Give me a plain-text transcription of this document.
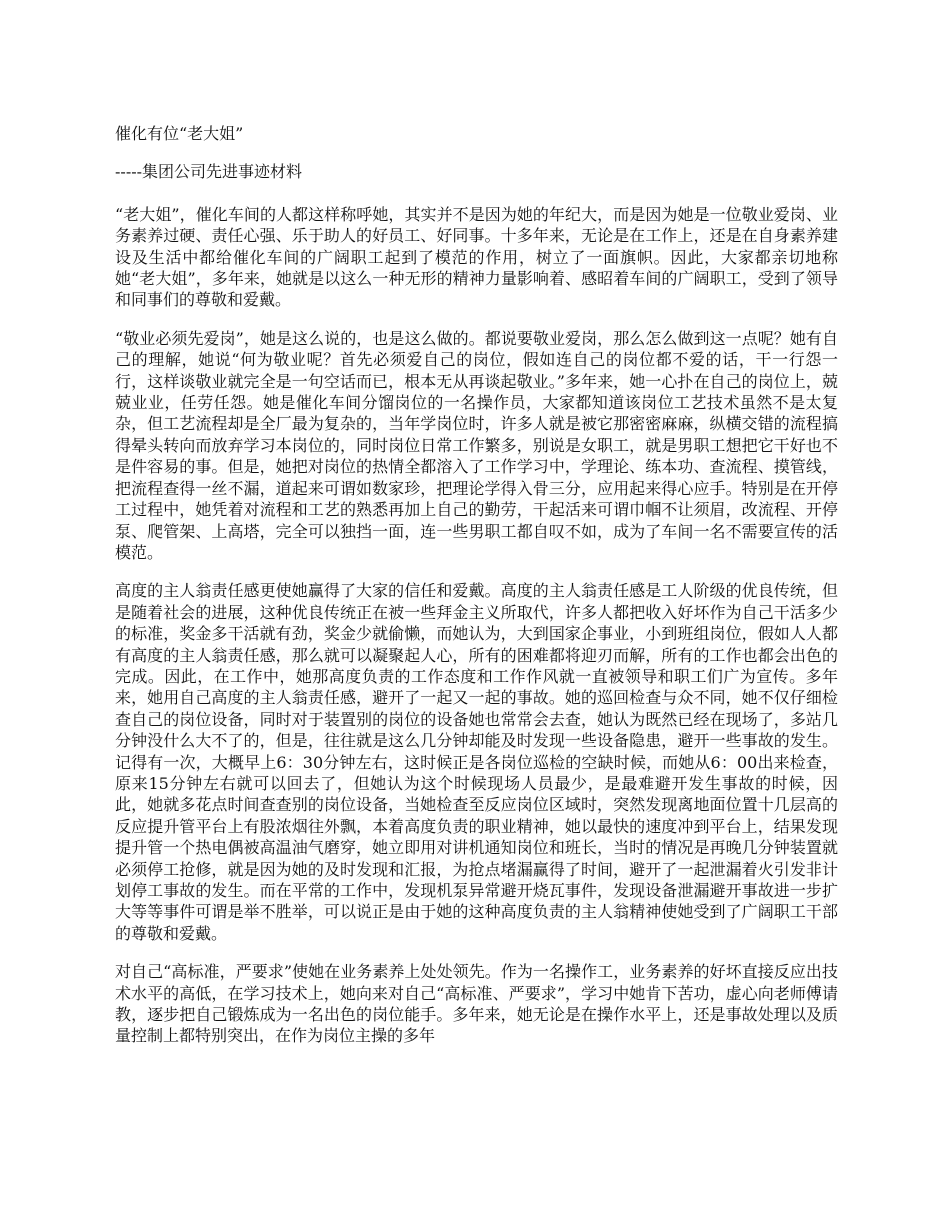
催化有位“老大姐”
-----集团公司先进事迹材料

“老大姐”，催化车间的人都这样称呼她，其实并不是因为她的年纪大，而是因为她是一位敬业爱岗、业务素养过硬、责任心强、乐于助人的好员工、好同事。十多年来，无论是在工作上，还是在自身素养建设及生活中都给催化车间的广阔职工起到了模范的作用，树立了一面旗帜。因此，大家都亲切地称她“老大姐”，多年来，她就是以这么一种无形的精神力量影响着、感昭着车间的广阔职工，受到了领导和同事们的尊敬和爱戴。

“敬业必须先爱岗”，她是这么说的，也是这么做的。都说要敬业爱岗，那么怎么做到这一点呢？她有自己的理解，她说“何为敬业呢？首先必须爱自己的岗位，假如连自己的岗位都不爱的话，干一行怨一行，这样谈敬业就完全是一句空话而已，根本无从再谈起敬业。”多年来，她一心扑在自己的岗位上，兢兢业业，任劳任怨。她是催化车间分馏岗位的一名操作员，大家都知道该岗位工艺技术虽然不是太复杂，但工艺流程却是全厂最为复杂的，当年学岗位时，许多人就是被它那密密麻麻，纵横交错的流程搞得晕头转向而放弃学习本岗位的，同时岗位日常工作繁多，别说是女职工，就是男职工想把它干好也不是件容易的事。但是，她把对岗位的热情全都溶入了工作学习中，学理论、练本功、查流程、摸管线，把流程查得一丝不漏，道起来可谓如数家珍，把理论学得入骨三分，应用起来得心应手。特别是在开停工过程中，她凭着对流程和工艺的熟悉再加上自己的勤劳，干起活来可谓巾帼不让须眉，改流程、开停泵、爬管架、上高塔，完全可以独挡一面，连一些男职工都自叹不如，成为了车间一名不需要宣传的活模范。

高度的主人翁责任感更使她赢得了大家的信任和爱戴。高度的主人翁责任感是工人阶级的优良传统，但是随着社会的进展，这种优良传统正在被一些拜金主义所取代，许多人都把收入好坏作为自己干活多少的标准，奖金多干活就有劲，奖金少就偷懒，而她认为，大到国家企事业，小到班组岗位，假如人人都有高度的主人翁责任感，那么就可以凝聚起人心，所有的困难都将迎刃而解，所有的工作也都会出色的完成。因此，在工作中，她那高度负责的工作态度和工作作风就一直被领导和职工们广为宣传。多年来，她用自己高度的主人翁责任感，避开了一起又一起的事故。她的巡回检查与众不同，她不仅仔细检查自己的岗位设备，同时对于装置别的岗位的设备她也常常会去查，她认为既然已经在现场了，多站几分钟没什么大不了的，但是，往往就是这么几分钟却能及时发现一些设备隐患，避开一些事故的发生。记得有一次，大概早上6：30分钟左右，这时候正是各岗位巡检的空缺时候，而她从6：00出来检查，原来15分钟左右就可以回去了，但她认为这个时候现场人员最少，是最难避开发生事故的时候，因此，她就多花点时间查查别的岗位设备，当她检查至反应岗位区域时，突然发现离地面位置十几层高的反应提升管平台上有股浓烟往外飘，本着高度负责的职业精神，她以最快的速度冲到平台上，结果发现提升管一个热电偶被高温油气磨穿，她立即用对讲机通知岗位和班长，当时的情况是再晚几分钟装置就必须停工抢修，就是因为她的及时发现和汇报，为抢点堵漏赢得了时间，避开了一起泄漏着火引发非计划停工事故的发生。而在平常的工作中，发现机泵异常避开烧瓦事件，发现设备泄漏避开事故进一步扩大等等事件可谓是举不胜举，可以说正是由于她的这种高度负责的主人翁精神使她受到了广阔职工干部的尊敬和爱戴。

对自己“高标准，严要求”使她在业务素养上处处领先。作为一名操作工，业务素养的好坏直接反应出技术水平的高低，在学习技术上，她向来对自己“高标准、严要求”，学习中她肯下苦功，虚心向老师傅请教，逐步把自己锻炼成为一名出色的岗位能手。多年来，她无论是在操作水平上，还是事故处理以及质量控制上都特别突出，在作为岗位主操的多年
